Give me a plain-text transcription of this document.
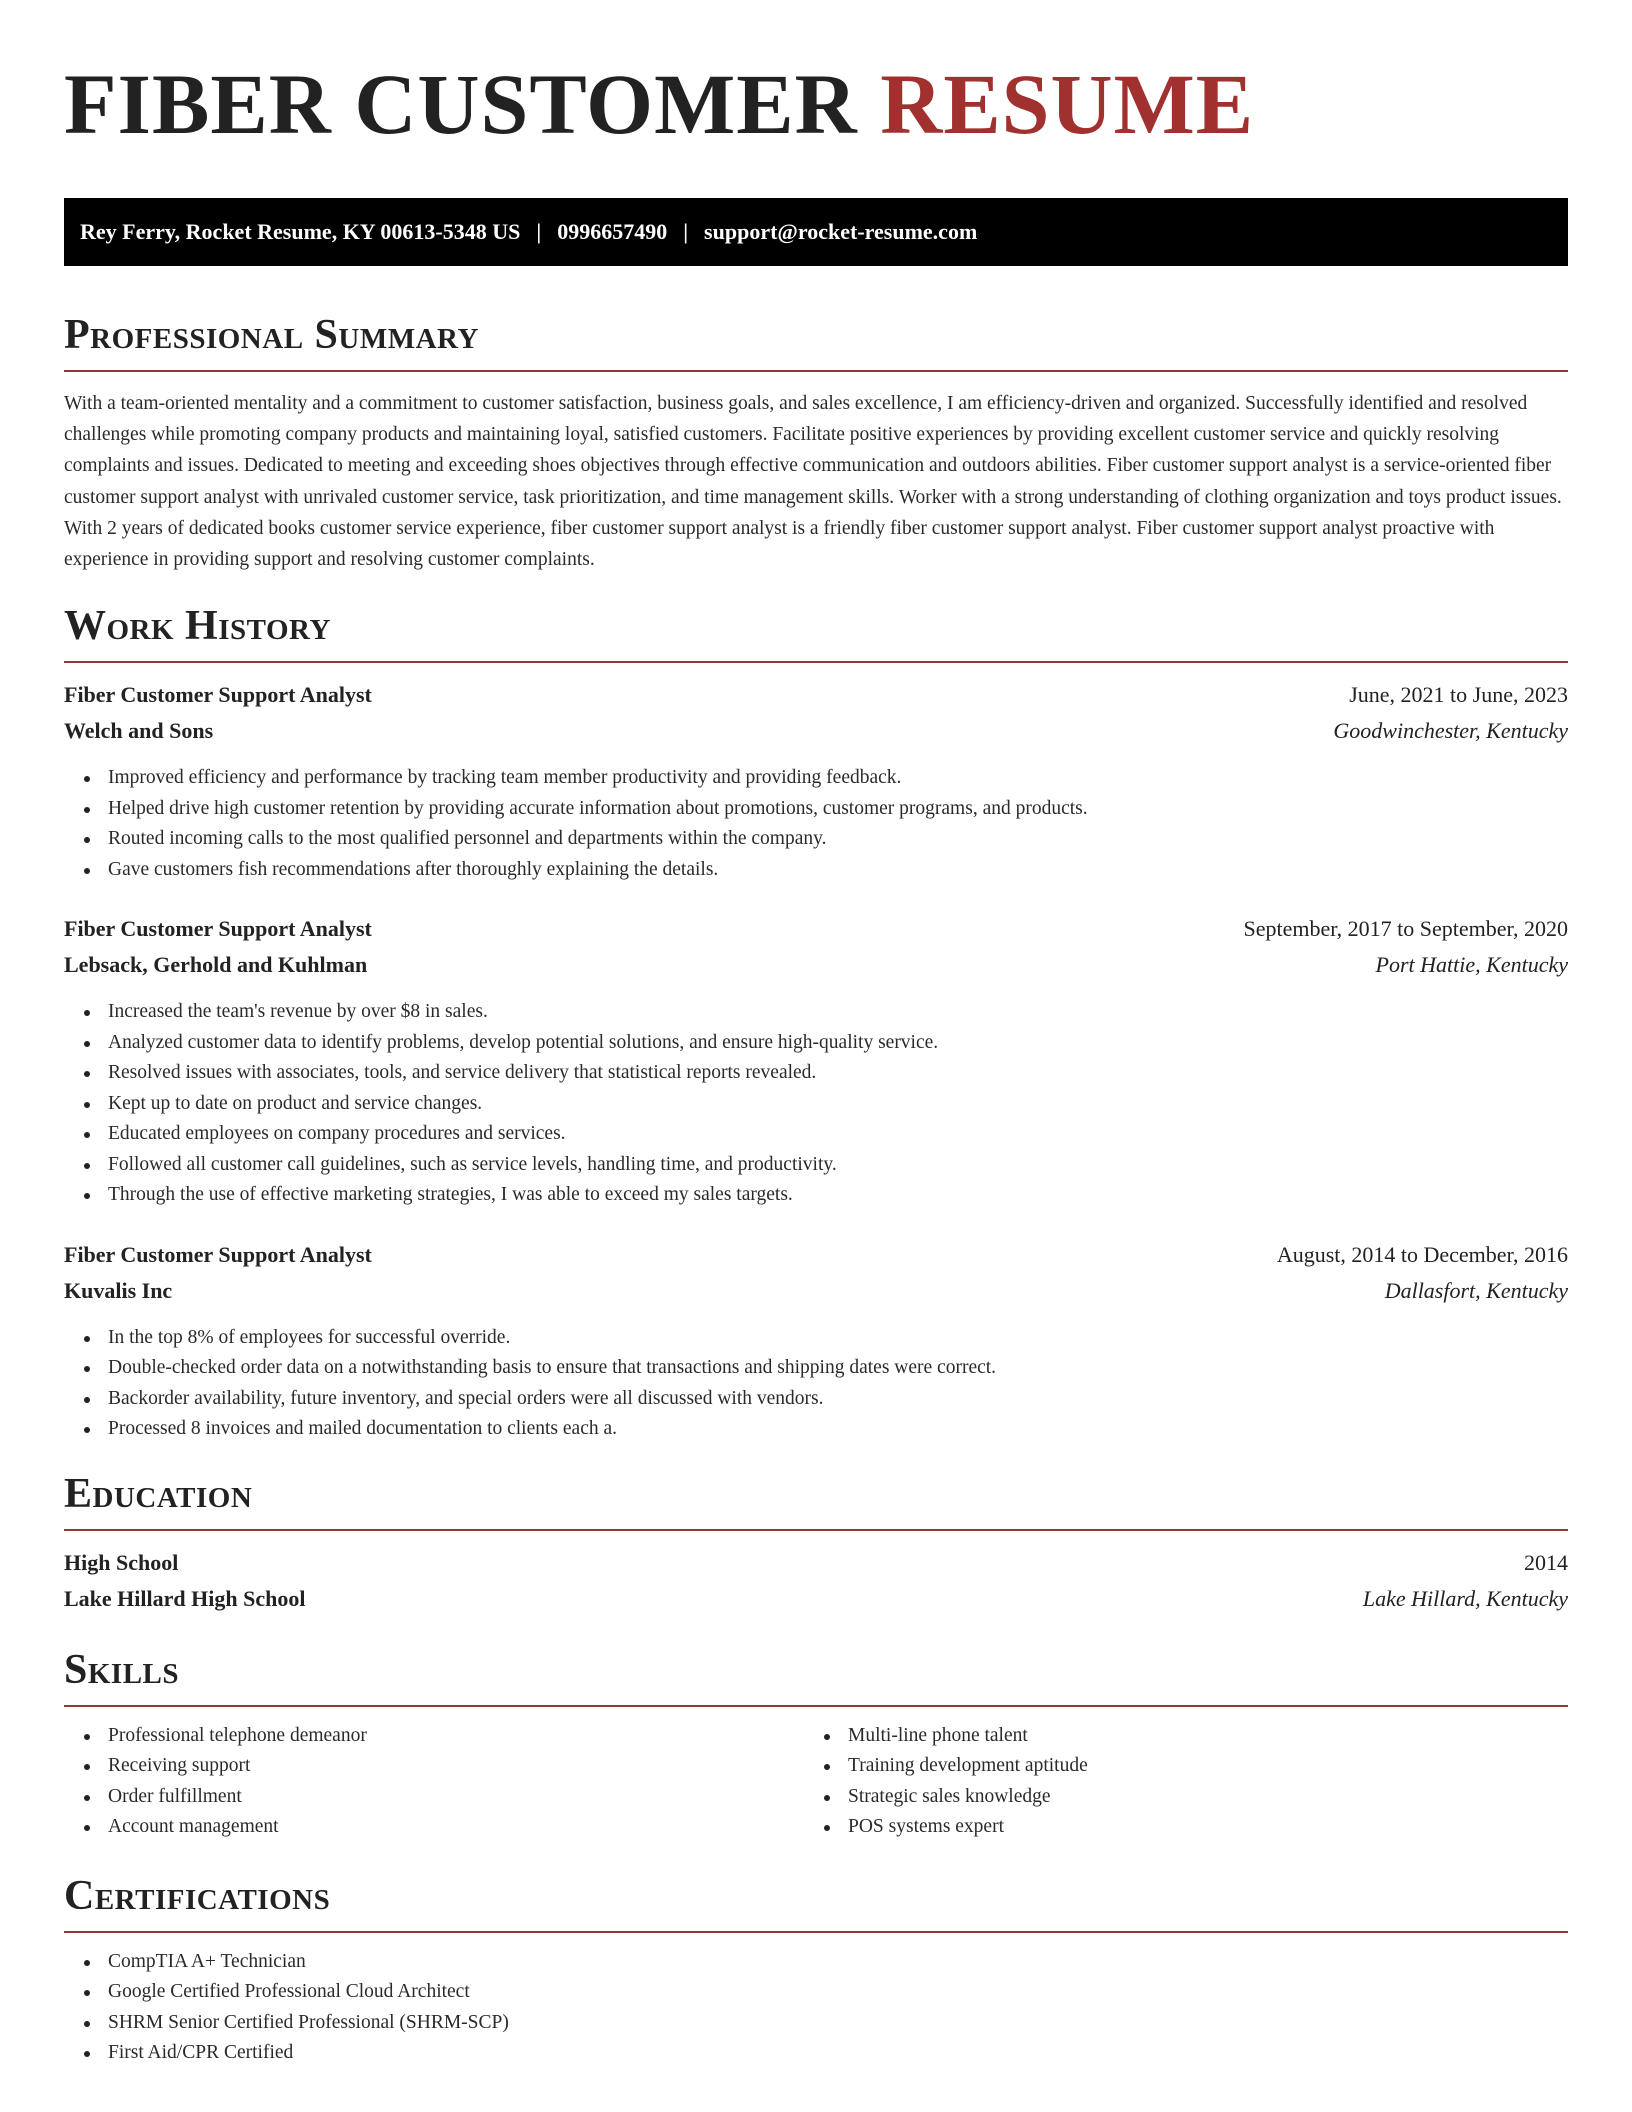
FIBER CUSTOMER RESUME
Rey Ferry, Rocket Resume, KY 00613-5348 US | 0996657490 | support@rocket-resume.com
Professional Summary

With a team-oriented mentality and a commitment to customer satisfaction, business goals, and sales excellence, I am efficiency-driven and organized. Successfully identified and resolved challenges while promoting company products and maintaining loyal, satisfied customers. Facilitate positive experiences by providing excellent customer service and quickly resolving complaints and issues. Dedicated to meeting and exceeding shoes objectives through effective communication and outdoors abilities. Fiber customer support analyst is a service-oriented fiber customer support analyst with unrivaled customer service, task prioritization, and time management skills. Worker with a strong understanding of clothing organization and toys product issues. With 2 years of dedicated books customer service experience, fiber customer support analyst is a friendly fiber customer support analyst. Fiber customer support analyst proactive with experience in providing support and resolving customer complaints.

Work History
Fiber Customer Support Analyst	June, 2021 to June, 2023
Welch and Sons	Goodwinchester, Kentucky
Improved efficiency and performance by tracking team member productivity and providing feedback.
Helped drive high customer retention by providing accurate information about promotions, customer programs, and products.
Routed incoming calls to the most qualified personnel and departments within the company.
Gave customers fish recommendations after thoroughly explaining the details.
Fiber Customer Support Analyst	September, 2017 to September, 2020
Lebsack, Gerhold and Kuhlman	Port Hattie, Kentucky
Increased the team's revenue by over $8 in sales.
Analyzed customer data to identify problems, develop potential solutions, and ensure high-quality service.
Resolved issues with associates, tools, and service delivery that statistical reports revealed.
Kept up to date on product and service changes.
Educated employees on company procedures and services.
Followed all customer call guidelines, such as service levels, handling time, and productivity.
Through the use of effective marketing strategies, I was able to exceed my sales targets.
Fiber Customer Support Analyst	August, 2014 to December, 2016
Kuvalis Inc	Dallasfort, Kentucky
In the top 8% of employees for successful override.
Double-checked order data on a notwithstanding basis to ensure that transactions and shipping dates were correct.
Backorder availability, future inventory, and special orders were all discussed with vendors.
Processed 8 invoices and mailed documentation to clients each a.
Education
High School	2014
Lake Hillard High School	Lake Hillard, Kentucky
Skills
Professional telephone demeanor
Receiving support
Order fulfillment
Account management
Multi-line phone talent
Training development aptitude
Strategic sales knowledge
POS systems expert
Certifications
CompTIA A+ Technician
Google Certified Professional Cloud Architect
SHRM Senior Certified Professional (SHRM-SCP)
First Aid/CPR Certified
